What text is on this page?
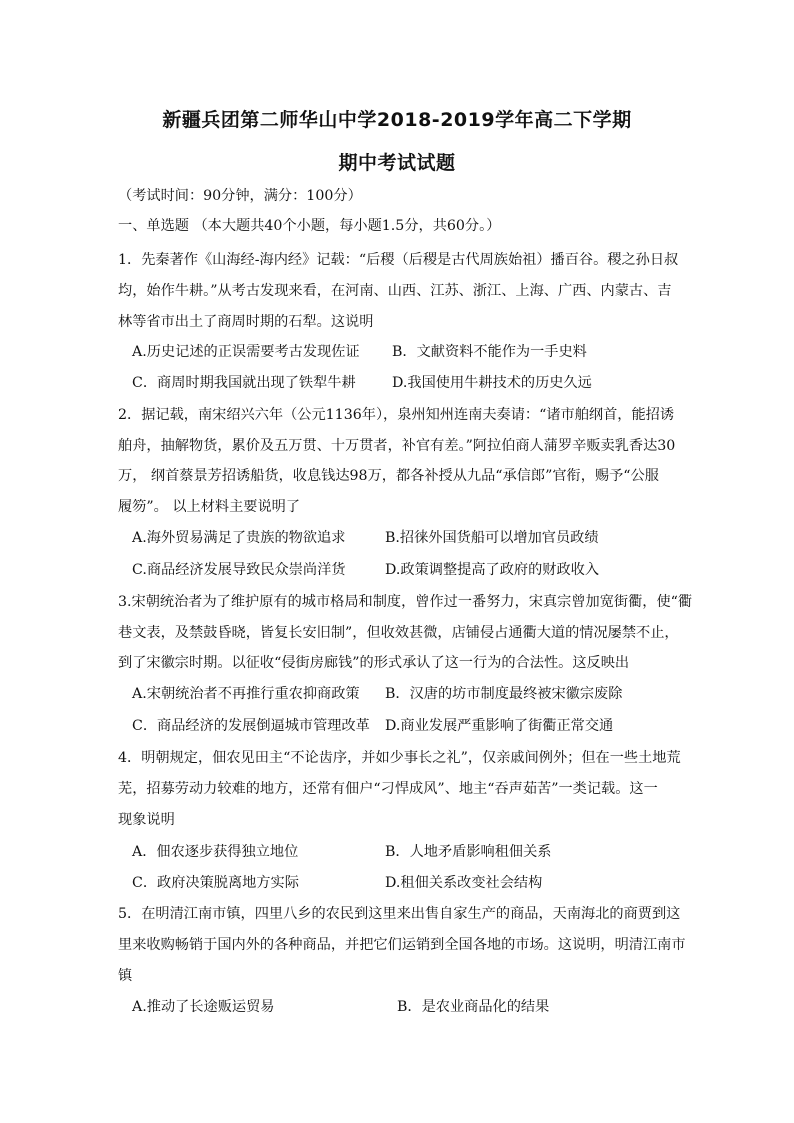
新疆兵团第二师华山中学2018-2019学年高二下学期
期中考试试题
（考试时间：90分钟，满分：100分）
一、单选题 （本大题共40个小题，每小题1.5分，共60分。）
1．先秦著作《山海经-海内经》记载：“后稷（后稷是古代周族始祖）播百谷。稷之孙日叔
均，始作牛耕。”从考古发现来看，在河南、山西、江苏、浙江、上海、广西、内蒙古、吉
林等省市出土了商周时期的石犁。这说明
A.历史记述的正误需要考古发现佐证 B．文献资料不能作为一手史料
C．商周时期我国就出现了铁犁牛耕	D.我国使用牛耕技术的历史久远
2．据记载，南宋绍兴六年（公元1136年），泉州知州连南夫奏请：“诸市舶纲首，能招诱
舶舟，抽解物货，累价及五万贯、十万贯者，补官有差。”阿拉伯商人蒲罗辛贩卖乳香达30
万， 纲首蔡景芳招诱船货，收息钱达98万，都各补授从九品“承信郎”官衔，赐予“公服
履笏”。 以上材料主要说明了
A.海外贸易满足了贵族的物欲追求	B.招徕外国货船可以增加官员政绩
C.商品经济发展导致民众崇尚洋货	D.政策调整提高了政府的财政收入
3.宋朝统治者为了维护原有的城市格局和制度，曾作过一番努力，宋真宗曾加宽街衢，使“衢
巷文表，及禁鼓昏晓，皆复长安旧制”，但收效甚微，店铺侵占通衢大道的情况屡禁不止，
到了宋徽宗时期。以征收“侵街房廊钱”的形式承认了这一行为的合法性。这反映出
A.宋朝统治者不再推行重农抑商政策 B．汉唐的坊市制度最终被宋徽宗废除
C．商品经济的发展倒逼城市管理改革 D.商业发展严重影响了街衢正常交通
4．明朝规定，佃农见田主“不论齿序，并如少事长之礼”，仅亲戚间例外；但在一些土地荒
芜，招募劳动力较难的地方，还常有佃户“刁悍成风”、地主“吞声茹苦”一类记载。这一
现象说明
A．佃农逐步获得独立地位	B．人地矛盾影响租佃关系
C．政府决策脱离地方实际	D.租佃关系改变社会结构
5．在明清江南市镇，四里八乡的农民到这里来出售自家生产的商品，天南海北的商贾到这
里来收购畅销于国内外的各种商品，并把它们运销到全国各地的市场。这说明，明清江南市
镇
A.推动了长途贩运贸易	B．是农业商品化的结果
